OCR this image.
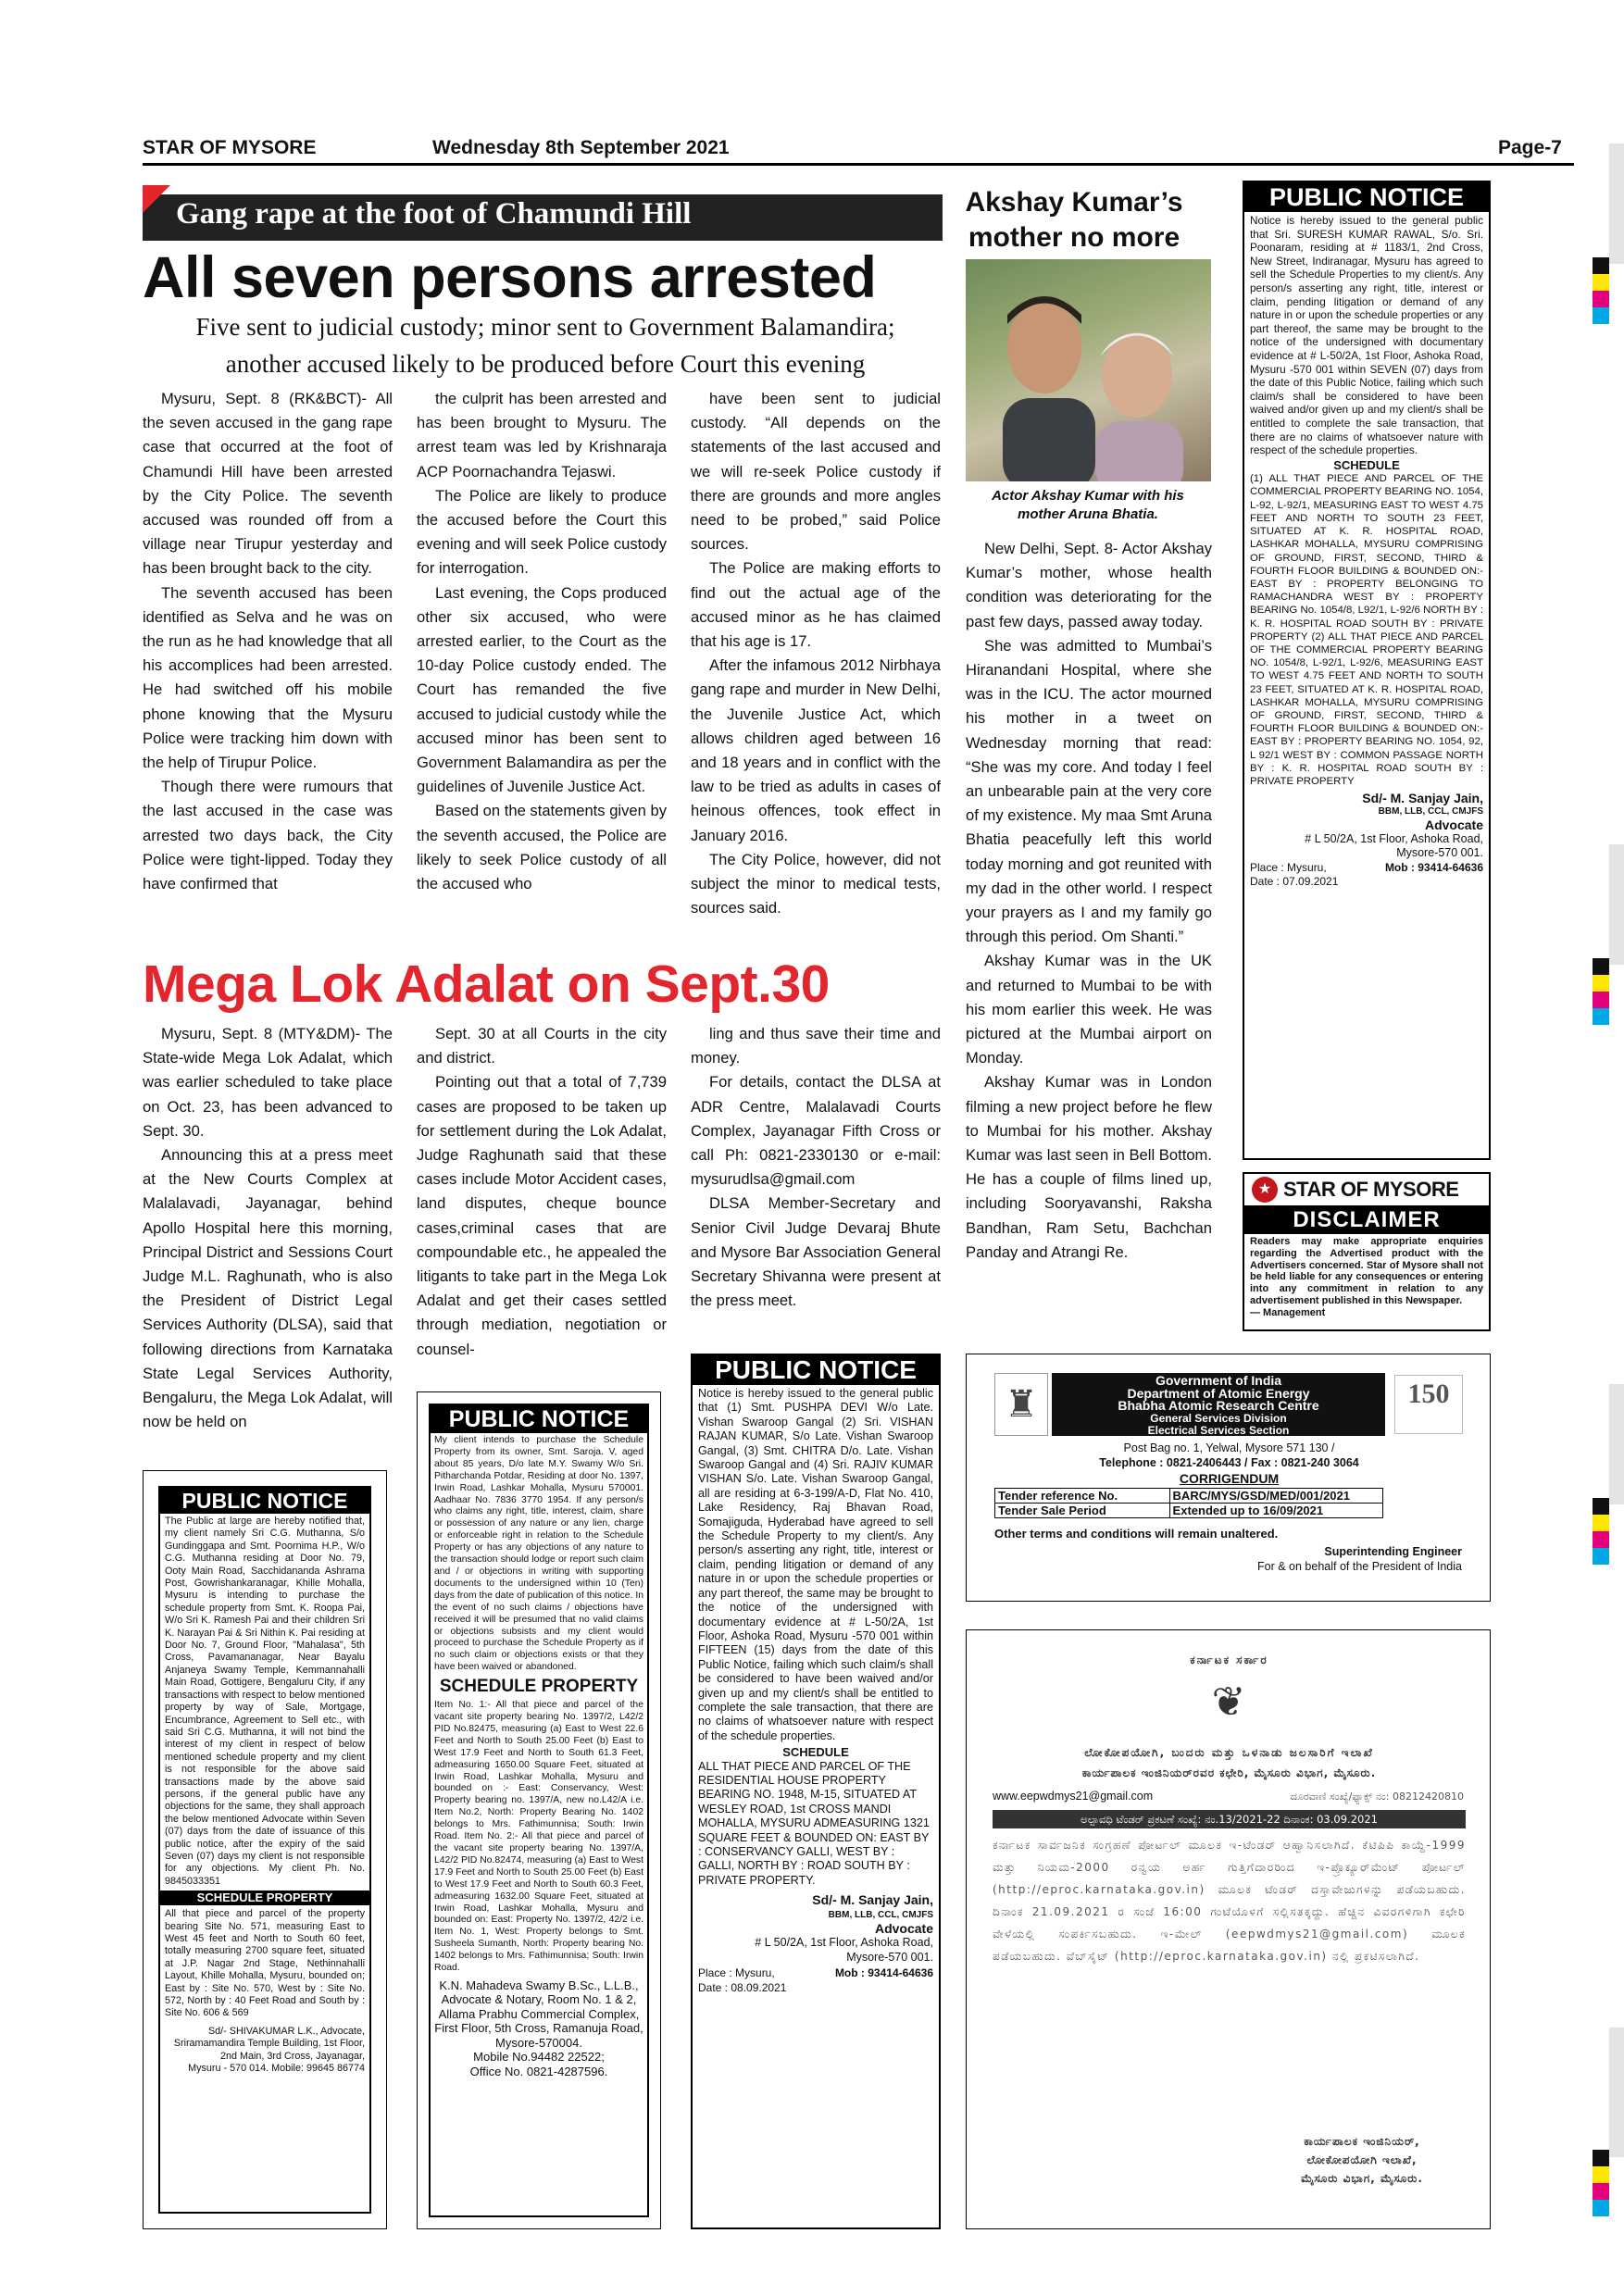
STAR OF MYSORE	Wednesday 8th September 2021	Page-7
Gang rape at the foot of Chamundi Hill
All seven persons arrested
Five sent to judicial custody; minor sent to Government Balamandira;
another accused likely to be produced before Court this evening

Mysuru, Sept. 8 (RK&BCT)- All the seven accused in the gang rape case that occurred at the foot of Chamundi Hill have been arrested by the City Police. The seventh accused was rounded off from a village near Tirupur yesterday and has been brought back to the city.

The seventh accused has been identified as Selva and he was on the run as he had knowledge that all his accomplices had been arrested. He had switched off his mobile phone knowing that the Mysuru Police were tracking him down with the help of Tirupur Police.

Though there were rumours that the last accused in the case was arrested two days back, the City Police were tight-lipped. Today they have confirmed that

the culprit has been arrested and has been brought to Mysuru. The arrest team was led by Krishnaraja ACP Poornachandra Tejaswi.

The Police are likely to produce the accused before the Court this evening and will seek Police custody for interrogation.

Last evening, the Cops produced other six accused, who were arrested earlier, to the Court as the 10-day Police custody ended. The Court has remanded the five accused to judicial custody while the accused minor has been sent to Government Balamandira as per the guidelines of Juvenile Justice Act.

Based on the statements given by the seventh accused, the Police are likely to seek Police custody of all the accused who

have been sent to judicial custody. “All depends on the statements of the last accused and we will re-seek Police custody if there are grounds and more angles need to be probed,” said Police sources.

The Police are making efforts to find out the actual age of the accused minor as he has claimed that his age is 17.

After the infamous 2012 Nirbhaya gang rape and murder in New Delhi, the Juvenile Justice Act, which allows children aged between 16 and 18 years and in conflict with the law to be tried as adults in cases of heinous offences, took effect in January 2016.

The City Police, however, did not subject the minor to medical tests, sources said.

Akshay Kumar’s mother no more
Actor Akshay Kumar with his mother Aruna Bhatia.

New Delhi, Sept. 8- Actor Akshay Kumar’s mother, whose health condition was deteriorating for the past few days, passed away today.

She was admitted to Mumbai’s Hiranandani Hospital, where she was in the ICU. The actor mourned his mother in a tweet on Wednesday morning that read: “She was my core. And today I feel an unbearable pain at the very core of my existence. My maa Smt Aruna Bhatia peacefully left this world today morning and got reunited with my dad in the other world. I respect your prayers as I and my family go through this period. Om Shanti.”

Akshay Kumar was in the UK and returned to Mumbai to be with his mom earlier this week. He was pictured at the Mumbai airport on Monday.

Akshay Kumar was in London filming a new project before he flew to Mumbai for his mother. Akshay Kumar was last seen in Bell Bottom. He has a couple of films lined up, including Sooryavanshi, Raksha Bandhan, Ram Setu, Bachchan Panday and Atrangi Re.

Mega Lok Adalat on Sept.30

Mysuru, Sept. 8 (MTY&DM)- The State-wide Mega Lok Adalat, which was earlier scheduled to take place on Oct. 23, has been advanced to Sept. 30.

Announcing this at a press meet at the New Courts Complex at Malalavadi, Jayanagar, behind Apollo Hospital here this morning, Principal District and Sessions Court Judge M.L. Raghunath, who is also the President of District Legal Services Authority (DLSA), said that following directions from Karnataka State Legal Services Authority, Bengaluru, the Mega Lok Adalat, will now be held on

Sept. 30 at all Courts in the city and district.

Pointing out that a total of 7,739 cases are proposed to be taken up for settlement during the Lok Adalat, Judge Raghunath said that these cases include Motor Accident cases, land disputes, cheque bounce cases,criminal cases that are compoundable etc., he appealed the litigants to take part in the Mega Lok Adalat and get their cases settled through mediation, negotiation or counsel-

ling and thus save their time and money.

For details, contact the DLSA at ADR Centre, Malalavadi Courts Complex, Jayanagar Fifth Cross or call Ph: 0821-2330130 or e-mail: mysurudlsa@gmail.com

DLSA Member-Secretary and Senior Civil Judge Devaraj Bhute and Mysore Bar Association General Secretary Shivanna were present at the press meet.

PUBLIC NOTICE

Notice is hereby issued to the general public that Sri. SURESH KUMAR RAWAL, S/o. Sri. Poonaram, residing at # 1183/1, 2nd Cross, New Street, Indiranagar, Mysuru has agreed to sell the Schedule Properties to my client/s. Any person/s asserting any right, title, interest or claim, pending litigation or demand of any nature in or upon the schedule properties or any part thereof, the same may be brought to the notice of the undersigned with documentary evidence at # L-50/2A, 1st Floor, Ashoka Road, Mysuru -570 001 within SEVEN (07) days from the date of this Public Notice, failing which such claim/s shall be considered to have been waived and/or given up and my client/s shall be entitled to complete the sale transaction, that there are no claims of whatsoever nature with respect of the schedule properties.

SCHEDULE

(1) ALL THAT PIECE AND PARCEL OF THE COMMERCIAL PROPERTY BEARING NO. 1054, L-92, L-92/1, MEASURING EAST TO WEST 4.75 FEET AND NORTH TO SOUTH 23 FEET, SITUATED AT K. R. HOSPITAL ROAD, LASHKAR MOHALLA, MYSURU COMPRISING OF GROUND, FIRST, SECOND, THIRD & FOURTH FLOOR BUILDING & BOUNDED ON:- EAST BY : PROPERTY BELONGING TO RAMACHANDRA WEST BY : PROPERTY BEARING No. 1054/8, L92/1, L-92/6 NORTH BY : K. R. HOSPITAL ROAD SOUTH BY : PRIVATE PROPERTY (2) ALL THAT PIECE AND PARCEL OF THE COMMERCIAL PROPERTY BEARING NO. 1054/8, L-92/1, L-92/6, MEASURING EAST TO WEST 4.75 FEET AND NORTH TO SOUTH 23 FEET, SITUATED AT K. R. HOSPITAL ROAD, LASHKAR MOHALLA, MYSURU COMPRISING OF GROUND, FIRST, SECOND, THIRD & FOURTH FLOOR BUILDING & BOUNDED ON:- EAST BY : PROPERTY BEARING NO. 1054, 92, L 92/1 WEST BY : COMMON PASSAGE NORTH BY : K. R. HOSPITAL ROAD SOUTH BY : PRIVATE PROPERTY

Sd/- M. Sanjay Jain,
BBM, LLB, CCL, CMJFS
Advocate
# L 50/2A, 1st Floor, Ashoka Road,
Mysore-570 001.
Place : Mysuru,	Mob : 93414-64636
Date : 07.09.2021
★ STAR OF MYSORE
DISCLAIMER

Readers may make appropriate enquiries regarding the Advertised product with the Advertisers concerned. Star of Mysore shall not be held liable for any consequences or entering into any commitment in relation to any advertisement published in this Newspaper.

— Management
PUBLIC NOTICE

The Public at large are hereby notified that, my client namely Sri C.G. Muthanna, S/o Gundinggapa and Smt. Poornima H.P., W/o C.G. Muthanna residing at Door No. 79, Ooty Main Road, Sacchidananda Ashrama Post, Gowrishankaranagar, Khille Mohalla, Mysuru is intending to purchase the schedule property from Smt. K. Roopa Pai, W/o Sri K. Ramesh Pai and their children Sri K. Narayan Pai & Sri Nithin K. Pai residing at Door No. 7, Ground Floor, "Mahalasa", 5th Cross, Pavamananagar, Near Bayalu Anjaneya Swamy Temple, Kemmannahalli Main Road, Gottigere, Bengaluru City, if any transactions with respect to below mentioned property by way of Sale, Mortgage, Encumbrance, Agreement to Sell etc., with said Sri C.G. Muthanna, it will not bind the interest of my client in respect of below mentioned schedule property and my client is not responsible for the above said transactions made by the above said persons, if the general public have any objections for the same, they shall approach the below mentioned Advocate within Seven (07) days from the date of issuance of this public notice, after the expiry of the said Seven (07) days my client is not responsible for any objections. My client Ph. No. 9845033351

SCHEDULE PROPERTY

All that piece and parcel of the property bearing Site No. 571, measuring East to West 45 feet and North to South 60 feet, totally measuring 2700 square feet, situated at J.P. Nagar 2nd Stage, Nethinnahalli Layout, Khille Mohalla, Mysuru, bounded on; East by : Site No. 570, West by : Site No. 572, North by : 40 Feet Road and South by : Site No. 606 & 569

Sd/- SHIVAKUMAR L.K., Advocate,
Sriramamandira Temple Building, 1st Floor,
2nd Main, 3rd Cross, Jayanagar,
Mysuru - 570 014. Mobile: 99645 86774
PUBLIC NOTICE

My client intends to purchase the Schedule Property from its owner, Smt. Saroja. V, aged about 85 years, D/o late M.Y. Swamy W/o Sri. Pitharchanda Potdar, Residing at door No. 1397, Irwin Road, Lashkar Mohalla, Mysuru 570001. Aadhaar No. 7836 3770 1954. If any person/s who claims any right, title, interest, claim, share or possession of any nature or any lien, charge or enforceable right in relation to the Schedule Property or has any objections of any nature to the transaction should lodge or report such claim and / or objections in writing with supporting documents to the undersigned within 10 (Ten) days from the date of publication of this notice. In the event of no such claims / objections have received it will be presumed that no valid claims or objections subsists and my client would proceed to purchase the Schedule Property as if no such claim or objections exists or that they have been waived or abandoned.

SCHEDULE PROPERTY

Item No. 1:- All that piece and parcel of the vacant site property bearing No. 1397/2, L42/2 PID No.82475, measuring (a) East to West 22.6 Feet and North to South 25.00 Feet (b) East to West 17.9 Feet and North to South 61.3 Feet, admeasuring 1650.00 Square Feet, situated at Irwin Road, Lashkar Mohalla, Mysuru and bounded on :- East: Conservancy, West: Property bearing no. 1397/A, new no.L42/A i.e. Item No.2, North: Property Bearing No. 1402 belongs to Mrs. Fathimunnisa; South: Irwin Road. Item No. 2:- All that piece and parcel of the vacant site property bearing No. 1397/A, L42/2 PID No.82474, measuring (a) East to West 17.9 Feet and North to South 25.00 Feet (b) East to West 17.9 Feet and North to South 60.3 Feet, admeasuring 1632.00 Square Feet, situated at Irwin Road, Lashkar Mohalla, Mysuru and bounded on: East: Property No. 1397/2, 42/2 i.e. Item No. 1, West: Property belongs to Smt. Susheela Sumanth, North: Property bearing No. 1402 belongs to Mrs. Fathimunnisa; South: Irwin Road.

K.N. Mahadeva Swamy B.Sc., L.L.B.,
Advocate & Notary, Room No. 1 & 2,
Allama Prabhu Commercial Complex,
First Floor, 5th Cross, Ramanuja Road,
Mysore-570004.
Mobile No.94482 22522;
Office No. 0821-4287596.
PUBLIC NOTICE

Notice is hereby issued to the general public that (1) Smt. PUSHPA DEVI W/o Late. Vishan Swaroop Gangal (2) Sri. VISHAN RAJAN KUMAR, S/o Late. Vishan Swaroop Gangal, (3) Smt. CHITRA D/o. Late. Vishan Swaroop Gangal and (4) Sri. RAJIV KUMAR VISHAN S/o. Late. Vishan Swaroop Gangal, all are residing at 6-3-199/A-D, Flat No. 410, Lake Residency, Raj Bhavan Road, Somajiguda, Hyderabad have agreed to sell the Schedule Property to my client/s. Any person/s asserting any right, title, interest or claim, pending litigation or demand of any nature in or upon the schedule properties or any part thereof, the same may be brought to the notice of the undersigned with documentary evidence at # L-50/2A, 1st Floor, Ashoka Road, Mysuru -570 001 within FIFTEEN (15) days from the date of this Public Notice, failing which such claim/s shall be considered to have been waived and/or given up and my client/s shall be entitled to complete the sale transaction, that there are no claims of whatsoever nature with respect of the schedule properties.

SCHEDULE

ALL THAT PIECE AND PARCEL OF THE RESIDENTIAL HOUSE PROPERTY BEARING NO. 1948, M-15, SITUATED AT WESLEY ROAD, 1st CROSS MANDI MOHALLA, MYSURU ADMEASURING 1321 SQUARE FEET & BOUNDED ON: EAST BY : CONSERVANCY GALLI, WEST BY : GALLI, NORTH BY : ROAD SOUTH BY : PRIVATE PROPERTY.

Sd/- M. Sanjay Jain,
BBM, LLB, CCL, CMJFS
Advocate
# L 50/2A, 1st Floor, Ashoka Road,
Mysore-570 001.
Place : Mysuru,	Mob : 93414-64636
Date : 08.09.2021
♜
Government of India
Department of Atomic Energy
Bhabha Atomic Research Centre
General Services Division
Electrical Services Section
150
Post Bag no. 1, Yelwal, Mysore 571 130 /
Telephone : 0821-2406443 / Fax : 0821-240 3064
CORRIGENDUM
Tender reference No.	BARC/MYS/GSD/MED/001/2021
Tender Sale Period	Extended up to 16/09/2021
Other terms and conditions will remain unaltered.
Superintending Engineer
For & on behalf of the President of India
ಕರ್ನಾಟಕ ಸರ್ಕಾರ
❦
ಲೋಕೋಪಯೋಗಿ, ಬಂದರು ಮತ್ತು ಒಳನಾಡು ಜಲಸಾರಿಗೆ ಇಲಾಖೆ
ಕಾರ್ಯಪಾಲಕ ಇಂಜಿನಿಯರ್‌ರವರ ಕಛೇರಿ, ಮೈಸೂರು ವಿಭಾಗ, ಮೈಸೂರು.
www.eepwdmys21@gmail.com	ದೂರವಾಣಿ ಸಂಖ್ಯೆ/ಫ್ಯಾಕ್ಸ್ ನಂ: 08212420810
ಅಲ್ಪಾವಧಿ ಟೆಂಡರ್ ಪ್ರಕಟಣೆ ಸಂಖ್ಯೆ: ನಂ.13/2021-22 ದಿನಾಂಕ: 03.09.2021
ಕರ್ನಾಟಕ ಸಾರ್ವಜನಿಕ ಸಂಗ್ರಹಣೆ ಪೋರ್ಟಲ್ ಮೂಲಕ ಇ-ಟೆಂಡರ್ ಆಹ್ವಾನಿಸಲಾಗಿದೆ. ಕೆಟಿಪಿಪಿ ಕಾಯ್ದೆ-1999 ಮತ್ತು ನಿಯಮ-2000 ರನ್ವಯ ಅರ್ಹ ಗುತ್ತಿಗೆದಾರರಿಂದ ಇ-ಪ್ರೊಕ್ಯೂರ್‌ಮೆಂಟ್ ಪೋರ್ಟಲ್ (http://eproc.karnataka.gov.in) ಮೂಲಕ ಟೆಂಡರ್ ದಸ್ತಾವೇಜುಗಳನ್ನು ಪಡೆಯಬಹುದು. ದಿನಾಂಕ 21.09.2021 ರ ಸಂಜೆ 16:00 ಗಂಟೆಯೊಳಗೆ ಸಲ್ಲಿಸತಕ್ಕದ್ದು. ಹೆಚ್ಚಿನ ವಿವರಗಳಿಗಾಗಿ ಕಛೇರಿ ವೇಳೆಯಲ್ಲಿ ಸಂಪರ್ಕಿಸಬಹುದು. ಇ-ಮೇಲ್ (eepwdmys21@gmail.com) ಮೂಲಕ ಪಡೆಯಬಹುದು. ವೆಬ್‌ಸೈಟ್ (http://eproc.karnataka.gov.in) ನಲ್ಲಿ ಪ್ರಕಟಿಸಲಾಗಿದೆ.
ಕಾರ್ಯಪಾಲಕ ಇಂಜಿನಿಯರ್,
ಲೋಕೋಪಯೋಗಿ ಇಲಾಖೆ,
ಮೈಸೂರು ವಿಭಾಗ, ಮೈಸೂರು.
